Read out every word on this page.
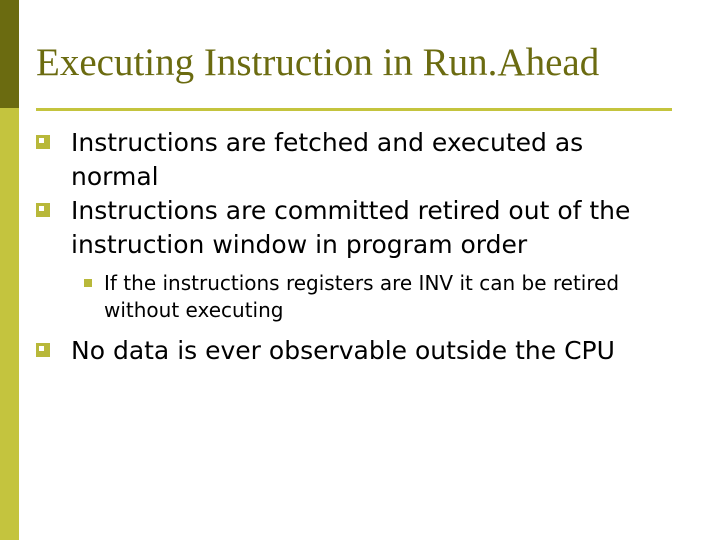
Executing Instruction in Run.Ahead
Instructions are fetched and executed as normal
Instructions are committed retired out of the instruction window in program order
If the instructions registers are INV it can be retired without executing
No data is ever observable outside the CPU
